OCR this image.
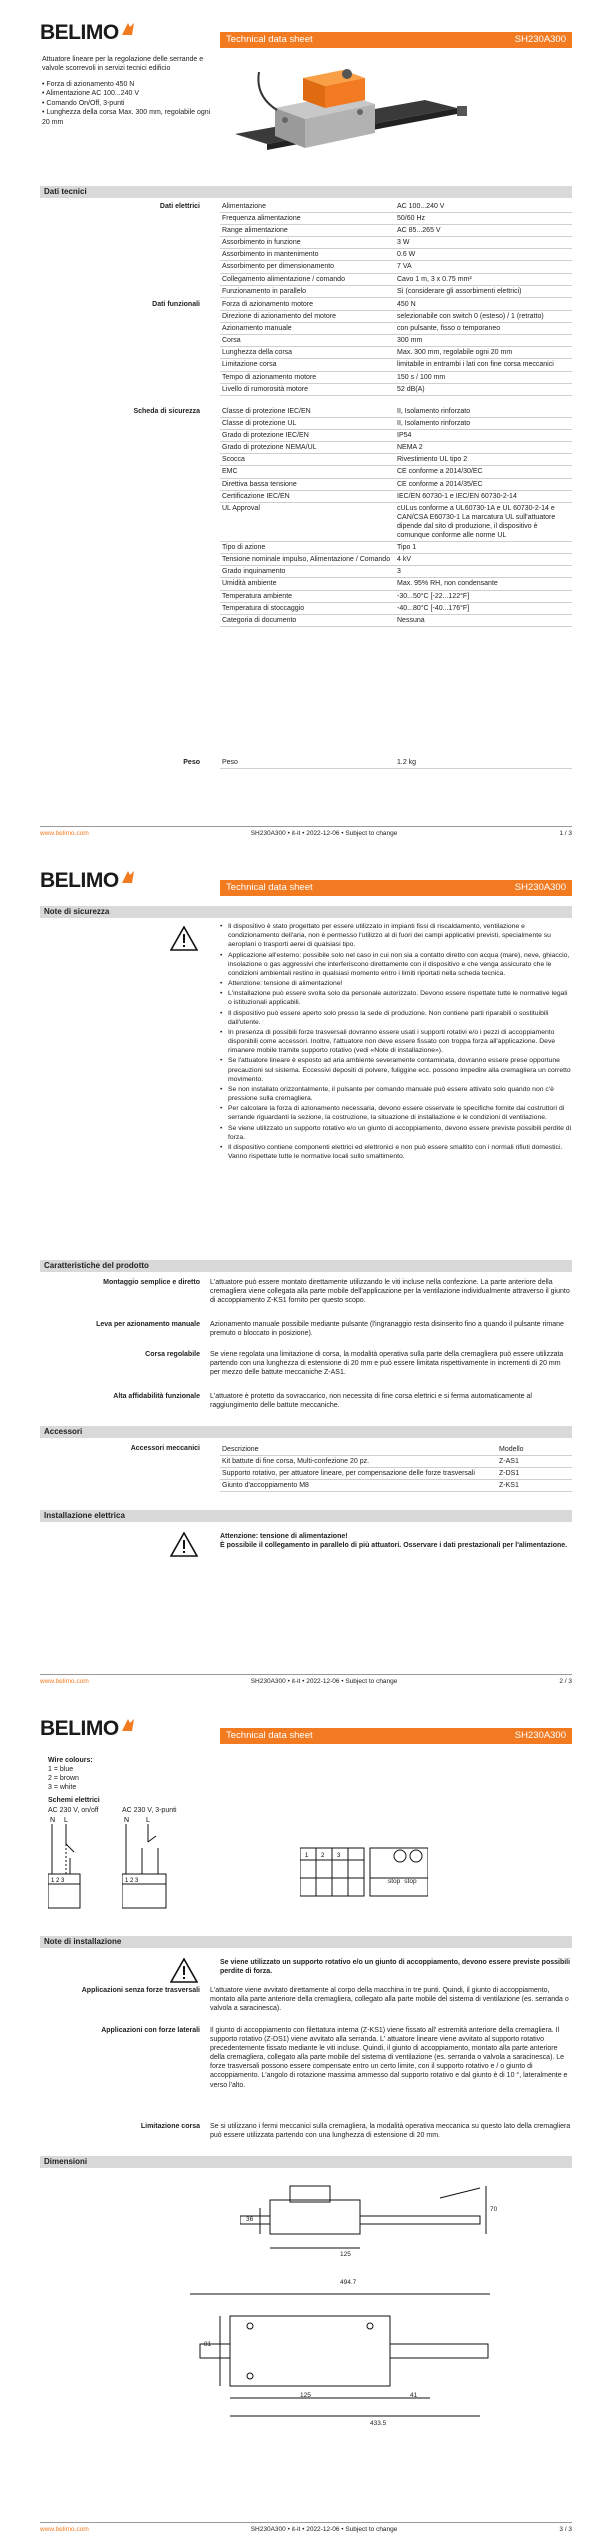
BELIMO	Technical data sheet	SH230A300
Attuatore lineare per la regolazione delle serrande e valvole scorrevoli in servizi tecnici edificio
• Forza di azionamento 450 N
• Alimentazione AC 100...240 V
• Comando On/Off, 3-punti
• Lunghezza della corsa Max. 300 mm, regolabile ogni 20 mm
Dati tecnici
Dati elettrici	Alimentazione	AC 100...240 V
Frequenza alimentazione	50/60 Hz
Range alimentazione	AC 85...265 V
Assorbimento in funzione	3 W
Assorbimento in mantenimento	0.6 W
Assorbimento per dimensionamento	7 VA
Collegamento alimentazione / comando	Cavo 1 m, 3 x 0.75 mm²
Funzionamento in parallelo	Sì (considerare gli assorbimenti elettrici)
Dati funzionali	Forza di azionamento motore	450 N
Direzione di azionamento del motore	selezionabile con switch 0 (esteso) / 1 (retratto)
Azionamento manuale	con pulsante, fisso o temporaneo
Corsa	300 mm
Lunghezza della corsa	Max. 300 mm, regolabile ogni 20 mm
Limitazione corsa	limitabile in entrambi i lati con fine corsa meccanici
Tempo di azionamento motore	150 s / 100 mm
Livello di rumorosità motore	52 dB(A)
Scheda di sicurezza	Classe di protezione IEC/EN	II, Isolamento rinforzato
Classe di protezione UL	II, Isolamento rinforzato
Grado di protezione IEC/EN	IP54
Grado di protezione NEMA/UL	NEMA 2
Scocca	Rivestimento UL tipo 2
EMC	CE conforme a 2014/30/EC
Direttiva bassa tensione	CE conforme a 2014/35/EC
Certificazione IEC/EN	IEC/EN 60730-1 e IEC/EN 60730-2-14
UL Approval	cULus conforme a UL60730-1A e UL 60730-2-14 e CAN/CSA E60730-1 La marcatura UL sull'attuatore dipende dal sito di produzione, il dispositivo è comunque conforme alle norme UL
Tipo di azione	Tipo 1
Tensione nominale impulso, Alimentazione / Comando 4 kV
Grado inquinamento	3
Umidità ambiente	Max. 95% RH, non condensante
Temperatura ambiente	-30...50°C [-22...122°F]
Temperatura di stoccaggio	-40...80°C [-40...176°F]
Categoria di documento	Nessuna
Peso	Peso	1.2 kg
www.belimo.com	SH230A300 • it-it • 2022-12-06 • Subject to change	1 / 3
BELIMO	Technical data sheet	SH230A300
Note di sicurezza
• Il dispositivo è stato progettato per essere utilizzato in impianti fissi di riscaldamento, ventilazione e condizionamento dell'aria, non è permesso l'utilizzo al di fuori dei campi applicativi previsti, specialmente su aeroplani o trasporti aerei di qualsiasi tipo.
• Applicazione all'esterno: possibile solo nel caso in cui non sia a contatto diretto con acqua (mare), neve, ghiaccio, insolazione o gas aggressivi che interferiscono direttamente con il dispositivo e che venga assicurato che le condizioni ambientali restino in qualsiasi momento entro i limiti riportati nella scheda tecnica.
• Attenzione: tensione di alimentazione!
• L'installazione può essere svolta solo da personale autorizzato. Devono essere rispettate tutte le normative legali o istituzionali applicabili.
• Il dispositivo può essere aperto solo presso la sede di produzione. Non contiene parti riparabili o sostituibili dall'utente.
• In presenza di possibili forze trasversali dovranno essere usati i supporti rotativi e/o i pezzi di accoppiamento disponibili come accessori. Inoltre, l'attuatore non deve essere fissato con troppa forza all'applicazione. Deve rimanere mobile tramite supporto rotativo (vedi «Note di installazione»).
• Se l'attuatore lineare è esposto ad aria ambiente severamente contaminata, dovranno essere prese opportune precauzioni sul sistema. Eccessivi depositi di polvere, fuliggine ecc. possono impedire alla cremagliera un corretto movimento.
• Se non installato orizzontalmente, il pulsante per comando manuale può essere attivato solo quando non c'è pressione sulla cremagliera.
• Per calcolare la forza di azionamento necessaria, devono essere osservate le specifiche fornite dai costruttori di serrande riguardanti la sezione, la costruzione, la situazione di installazione e le condizioni di ventilazione.
• Se viene utilizzato un supporto rotativo e/o un giunto di accoppiamento, devono essere previste possibili perdite di forza.
• Il dispositivo contiene componenti elettrici ed elettronici e non può essere smaltito con i normali rifiuti domestici. Vanno rispettate tutte le normative locali sullo smaltimento.
Caratteristiche del prodotto
Montaggio semplice e diretto	L'attuatore può essere montato direttamente utilizzando le viti incluse nella confezione. La parte anteriore della cremagliera viene collegata alla parte mobile dell'applicazione per la ventilazione individualmente attraverso il giunto di accoppiamento Z-KS1 fornito per questo scopo.
Leva per azionamento manuale	Azionamento manuale possibile mediante pulsante (l'ingranaggio resta disinserito fino a quando il pulsante rimane premuto o bloccato in posizione).
Corsa regolabile	Se viene regolata una limitazione di corsa, la modalità operativa sulla parte della cremagliera può essere utilizzata partendo con una lunghezza di estensione di 20 mm e può essere limitata rispettivamente in incrementi di 20 mm per mezzo delle battute meccaniche Z-AS1.
Alta affidabilità funzionale	L'attuatore è protetto da sovraccarico, non necessita di fine corsa elettrici e si ferma automaticamente al raggiungimento delle battute meccaniche.
Accessori
Accessori meccanici	Descrizione	Modello
Kit battute di fine corsa, Multi-confezione 20 pz.	Z-AS1
Supporto rotativo, per attuatore lineare, per compensazione delle forze trasversali	Z-DS1
Giunto d'accoppiamento M8	Z-KS1
Installazione elettrica
Attenzione: tensione di alimentazione!
È possibile il collegamento in parallelo di più attuatori. Osservare i dati prestazionali per l'alimentazione.
www.belimo.com	SH230A300 • it-it • 2022-12-06 • Subject to change	2 / 3
BELIMO	Technical data sheet	SH230A300
Wire colours:
1 = blue
2 = brown
3 = white
Schemi elettrici
AC 230 V, on/off
N L
1 2 3
AC 230 V, 3-punti
N L
1 2 3
1 2 3
stop stop
Note di installazione
Se viene utilizzato un supporto rotativo e/o un giunto di accoppiamento, devono essere previste possibili perdite di forza.
Applicazioni senza forze trasversali	L'attuatore viene avvitato direttamente al corpo della macchina in tre punti. Quindi, il giunto di accoppiamento, montato alla parte anteriore della cremagliera, collegato alla parte mobile del sistema di ventilazione (es. serranda o valvola a saracinesca).
Applicazioni con forze laterali	Il giunto di accoppiamento con filettatura interna (Z-KS1) viene fissato all' estremità anteriore della cremagliera. Il supporto rotativo (Z-DS1) viene avvitato alla serranda. L' attuatore lineare viene avvitato al supporto rotativo precedentemente fissato mediante le viti incluse. Quindi, il giunto di accoppiamento, montato alla parte anteriore della cremagliera, collegato alla parte mobile del sistema di ventilazione (es. serranda o valvola a saracinesca). Le forze trasversali possono essere compensate entro un certo limite, con il supporto rotativo e / o giunto di accoppiamento. L'angolo di rotazione massima ammesso dal supporto rotativo e dal giunto è di 10 °, lateralmente e verso l'alto.
Limitazione corsa	Se si utilizzano i fermi meccanici sulla cremagliera, la modalità operativa meccanica su questo lato della cremagliera può essere utilizzata partendo con una lunghezza di estensione di 20 mm.
Dimensioni
70
36
125
494.7
81
125	41
433.5
www.belimo.com	SH230A300 • it-it • 2022-12-06 • Subject to change	3 / 3
